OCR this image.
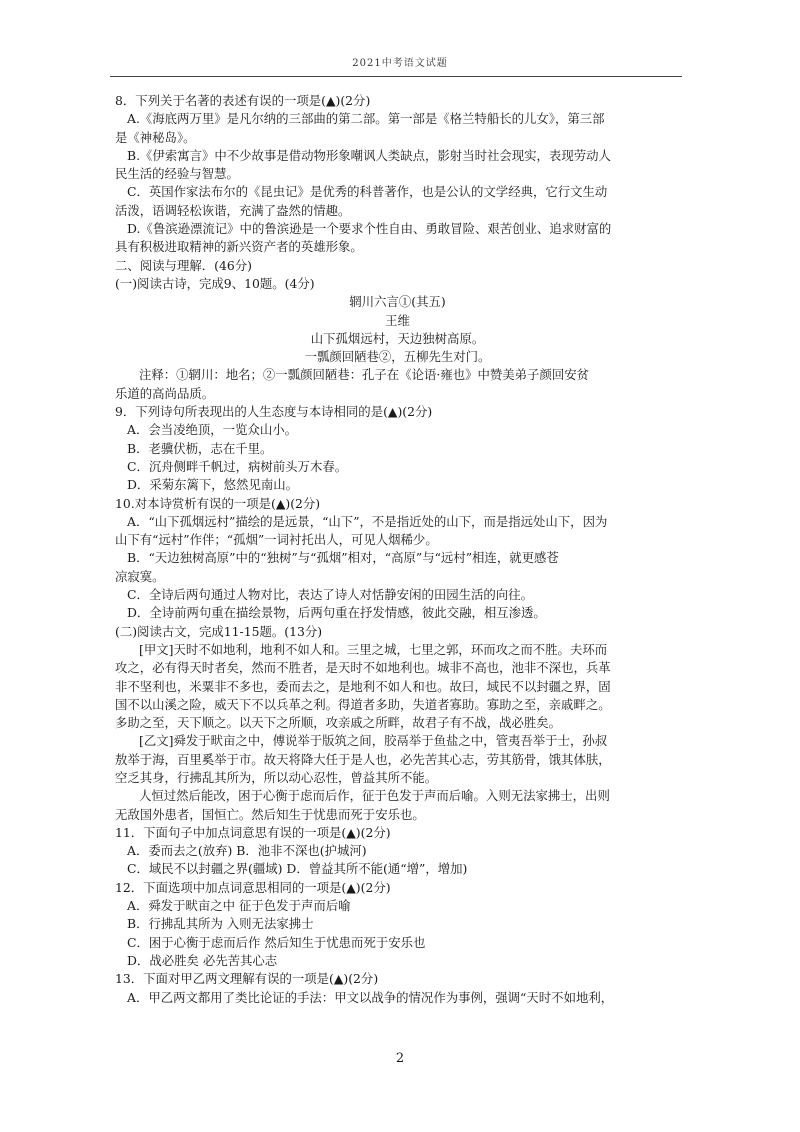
2021中考语文试题
8．下列关于名著的表述有误的一项是(▲)(2分)
A.《海底两万里》是凡尔纳的三部曲的第二部。第一部是《格兰特船长的儿女》，第三部
是《神秘岛》。
B.《伊索寓言》中不少故事是借动物形象嘲讽人类缺点，影射当时社会现实，表现劳动人
民生活的经验与智慧。
C．英国作家法布尔的《昆虫记》是优秀的科普著作，也是公认的文学经典，它行文生动
活泼，语调轻松诙谐，充满了盎然的情趣。
D.《鲁滨逊漂流记》中的鲁滨逊是一个要求个性自由、勇敢冒险、艰苦创业、追求财富的
具有积极进取精神的新兴资产者的英雄形象。
二、阅读与理解．(46分)
(一)阅读古诗，完成9、10题。(4分)
辋川六言①(其五)
王维
山下孤烟远村，天边独树高原。
一瓢颜回陋巷②，五柳先生对门。
注释：①辋川：地名；②一瓢颜回陋巷：孔子在《论语·雍也》中赞美弟子颜回安贫
乐道的高尚品质。
9．下列诗句所表现出的人生态度与本诗相同的是(▲)(2分)
A．会当凌绝顶，一览众山小。
B．老骥伏枥，志在千里。
C．沉舟侧畔千帆过，病树前头万木春。
D．采菊东篱下，悠然见南山。
10.对本诗赏析有误的一项是(▲)(2分)
A．“山下孤烟远村”描绘的是远景，“山下”，不是指近处的山下，而是指远处山下，因为
山下有“远村”作伴；“孤烟”一词衬托出人，可见人烟稀少。
B．“天边独树高原”中的“独树”与“孤烟”相对，“高原”与“远村”相连，就更感苍
凉寂寞。
C．全诗后两句通过人物对比，表达了诗人对恬静安闲的田园生活的向往。
D．全诗前两句重在描绘景物，后两句重在抒发情感，彼此交融，相互渗透。
(二)阅读古文，完成11-15题。(13分)
[甲文]天时不如地利，地利不如人和。三里之城，七里之郭，环而攻之而不胜。夫环而
攻之，必有得天时者矣，然而不胜者，是天时不如地利也。城非不高也，池非不深也，兵革
非不坚利也，米粟非不多也，委而去之，是地利不如人和也。故曰，域民不以封疆之界，固
国不以山溪之险，威天下不以兵革之利。得道者多助，失道者寡助。寡助之至，亲戚畔之。
多助之至，天下顺之。以天下之所顺，攻亲戚之所畔，故君子有不战，战必胜矣。
[乙文]舜发于畎亩之中，傅说举于版筑之间，胶鬲举于鱼盐之中，管夷吾举于士，孙叔
敖举于海，百里奚举于市。故天将降大任于是人也，必先苦其心志，劳其筋骨，饿其体肤，
空乏其身，行拂乱其所为，所以动心忍性，曾益其所不能。
人恒过然后能改，困于心衡于虑而后作，征于色发于声而后喻。入则无法家拂士，出则
无敌国外患者，国恒亡。然后知生于忧患而死于安乐也。
11．下面句子中加点词意思有误的一项是(▲)(2分)
A．委而去之(放弃) B．池非不深也(护城河)
C．域民不以封疆之界(疆域) D．曾益其所不能(通“增”，增加)
12．下面选项中加点词意思相同的一项是(▲)(2分)
A．舜发于畎亩之中 征于色发于声而后喻
B．行拂乱其所为 入则无法家拂士
C．困于心衡于虑而后作 然后知生于忧患而死于安乐也
D．战必胜矣 必先苦其心志
13．下面对甲乙两文理解有误的一项是(▲)(2分)
A．甲乙两文都用了类比论证的手法：甲文以战争的情况作为事例，强调“天时不如地利，
2
